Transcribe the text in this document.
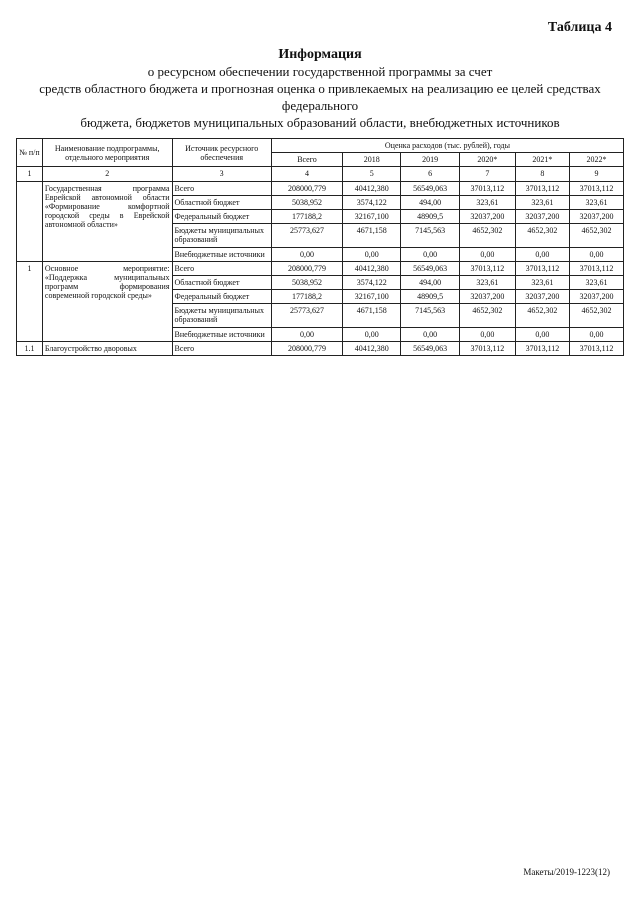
Таблица 4
Информация
о ресурсном обеспечении государственной программы за счет
средств областного бюджета и прогнозная оценка о привлекаемых на реализацию ее целей средствах федерального
бюджета, бюджетов муниципальных образований области, внебюджетных источников
№ п/п	Наименование подпрограммы, отдельного мероприятия	Источник ресурсного обеспечения	Оценка расходов (тыс. рублей), годы					
			Всего	2018	2019	2020*	2021*	2022*
1	2	3	4	5	6	7	8	9
	Государственная программа Еврейской автономной области «Формирование комфортной городской среды в Еврейской автономной области»	Всего	208000,779	40412,380	56549,063	37013,112	37013,112	37013,112
		Областной бюджет	5038,952	3574,122	494,00	323,61	323,61	323,61
		Федеральный бюджет	177188,2	32167,100	48909,5	32037,200	32037,200	32037,200
		Бюджеты муниципальных образований	25773,627	4671,158	7145,563	4652,302	4652,302	4652,302
		Внебюджетные источники	0,00	0,00	0,00	0,00	0,00	0,00
1	Основное мероприятие: «Поддержка муниципальных программ формирования современной городской среды»	Всего	208000,779	40412,380	56549,063	37013,112	37013,112	37013,112
		Областной бюджет	5038,952	3574,122	494,00	323,61	323,61	323,61
		Федеральный бюджет	177188,2	32167,100	48909,5	32037,200	32037,200	32037,200
		Бюджеты муниципальных образований	25773,627	4671,158	7145,563	4652,302	4652,302	4652,302
		Внебюджетные источники	0,00	0,00	0,00	0,00	0,00	0,00
1.1	Благоустройство дворовых	Всего	208000,779	40412,380	56549,063	37013,112	37013,112	37013,112
Макеты/2019-1223(12)
